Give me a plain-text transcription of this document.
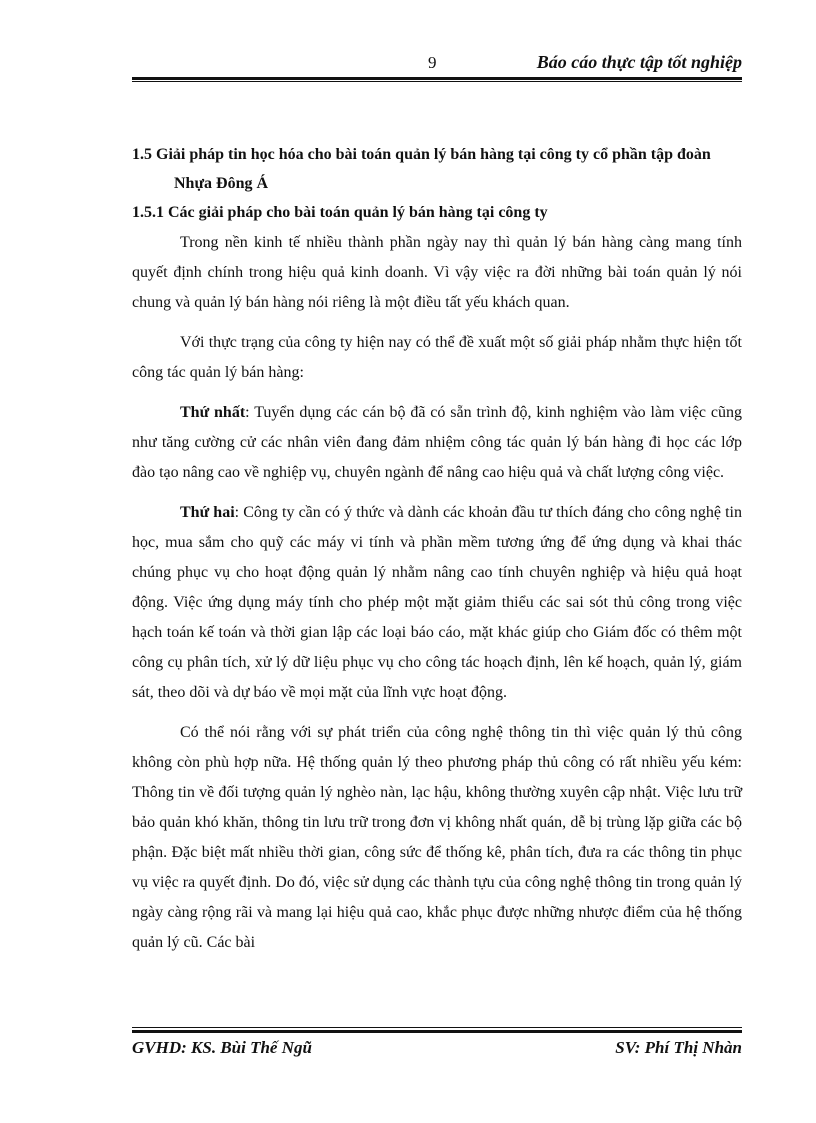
9	Báo cáo thực tập tốt nghiệp

1.5 Giải pháp tin học hóa cho bài toán quản lý bán hàng tại công ty cổ phần tập đoàn Nhựa Đông Á

1.5.1 Các giải pháp cho bài toán quản lý bán hàng tại công ty

Trong nền kinh tế nhiều thành phần ngày nay thì quản lý bán hàng càng mang tính quyết định chính trong hiệu quả kinh doanh. Vì vậy việc ra đời những bài toán quản lý nói chung và quản lý bán hàng nói riêng là một điều tất yếu khách quan.

Với thực trạng của công ty hiện nay có thể đề xuất một số giải pháp nhằm thực hiện tốt công tác quản lý bán hàng:

Thứ nhất: Tuyển dụng các cán bộ đã có sẵn trình độ, kinh nghiệm vào làm việc cũng như tăng cường cử các nhân viên đang đảm nhiệm công tác quản lý bán hàng đi học các lớp đào tạo nâng cao về nghiệp vụ, chuyên ngành để nâng cao hiệu quả và chất lượng công việc.

Thứ hai: Công ty cần có ý thức và dành các khoản đầu tư thích đáng cho công nghệ tin học, mua sắm cho quỹ các máy vi tính và phần mềm tương ứng để ứng dụng và khai thác chúng phục vụ cho hoạt động quản lý nhằm nâng cao tính chuyên nghiệp và hiệu quả hoạt động. Việc ứng dụng máy tính cho phép một mặt giảm thiểu các sai sót thủ công trong việc hạch toán kế toán và thời gian lập các loại báo cáo, mặt khác giúp cho Giám đốc có thêm một công cụ phân tích, xử lý dữ liệu phục vụ cho công tác hoạch định, lên kế hoạch, quản lý, giám sát, theo dõi và dự báo về mọi mặt của lĩnh vực hoạt động.

Có thể nói rằng với sự phát triển của công nghệ thông tin thì việc quản lý thủ công không còn phù hợp nữa. Hệ thống quản lý theo phương pháp thủ công có rất nhiều yếu kém: Thông tin về đối tượng quản lý nghèo nàn, lạc hậu, không thường xuyên cập nhật. Việc lưu trữ bảo quản khó khăn, thông tin lưu trữ trong đơn vị không nhất quán, dễ bị trùng lặp giữa các bộ phận. Đặc biệt mất nhiều thời gian, công sức để thống kê, phân tích, đưa ra các thông tin phục vụ việc ra quyết định. Do đó, việc sử dụng các thành tựu của công nghệ thông tin trong quản lý ngày càng rộng rãi và mang lại hiệu quả cao, khắc phục được những nhược điểm của hệ thống quản lý cũ. Các bài

GVHD: KS. Bùi Thế Ngũ	SV: Phí Thị Nhàn
